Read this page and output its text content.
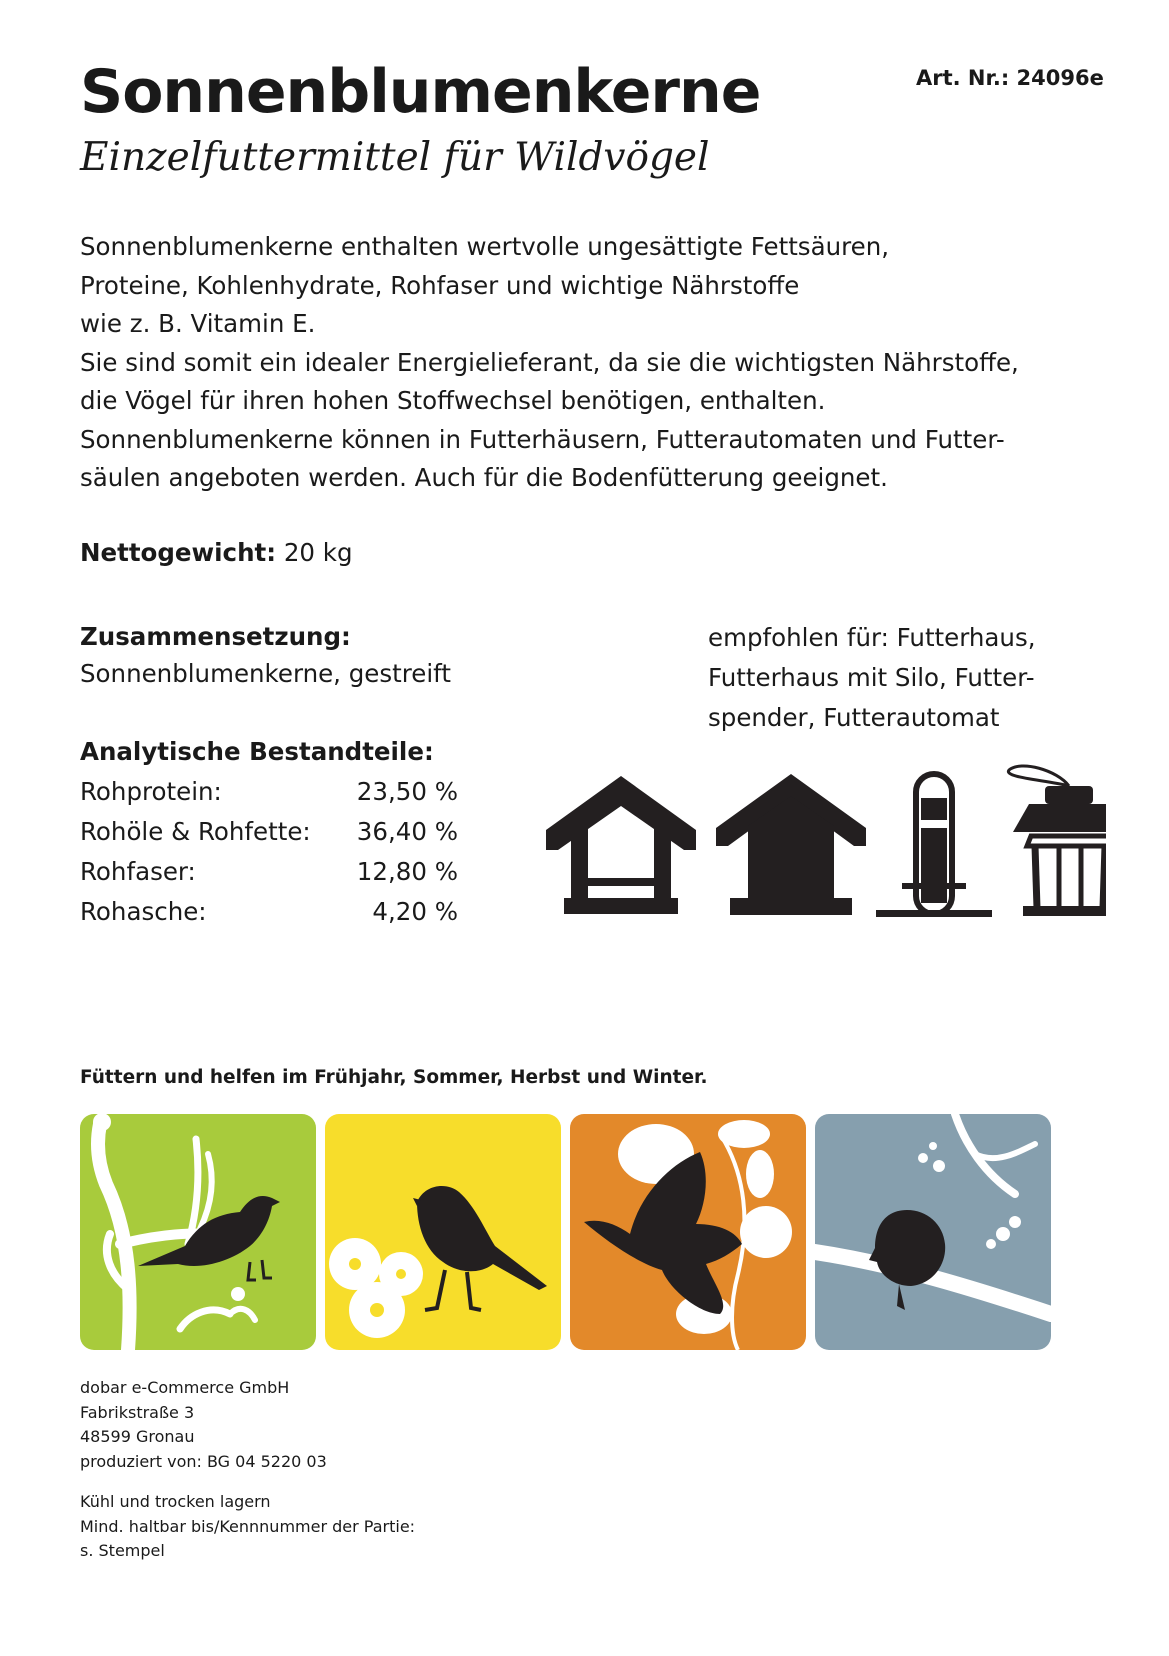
Sonnenblumenkerne
Einzelfuttermittel für Wildvögel
Art. Nr.: 24096e
Sonnenblumenkerne enthalten wertvolle ungesättigte Fettsäuren,
Proteine, Kohlenhydrate, Rohfaser und wichtige Nährstoffe
wie z. B. Vitamin E.
Sie sind somit ein idealer Energielieferant, da sie die wichtigsten Nährstoffe,
die Vögel für ihren hohen Stoffwechsel benötigen, enthalten.
Sonnenblumenkerne können in Futterhäusern, Futterautomaten und Futter-
säulen angeboten werden. Auch für die Bodenfütterung geeignet.
Nettogewicht: 20 kg
Zusammensetzung:
Sonnenblumenkerne, gestreift
Analytische Bestandteile:
Rohprotein:	23,50 %
Rohöle & Rohfette:	36,40 %
Rohfaser:	12,80 %
Rohasche:	4,20 %
empfohlen für: Futterhaus,
Futterhaus mit Silo, Futter-
spender, Futterautomat
Füttern und helfen im Frühjahr, Sommer, Herbst und Winter.
dobar e-Commerce GmbH
Fabrikstraße 3
48599 Gronau
produziert von: BG 04 5220 03
Kühl und trocken lagern
Mind. haltbar bis/Kennnummer der Partie:
s. Stempel
